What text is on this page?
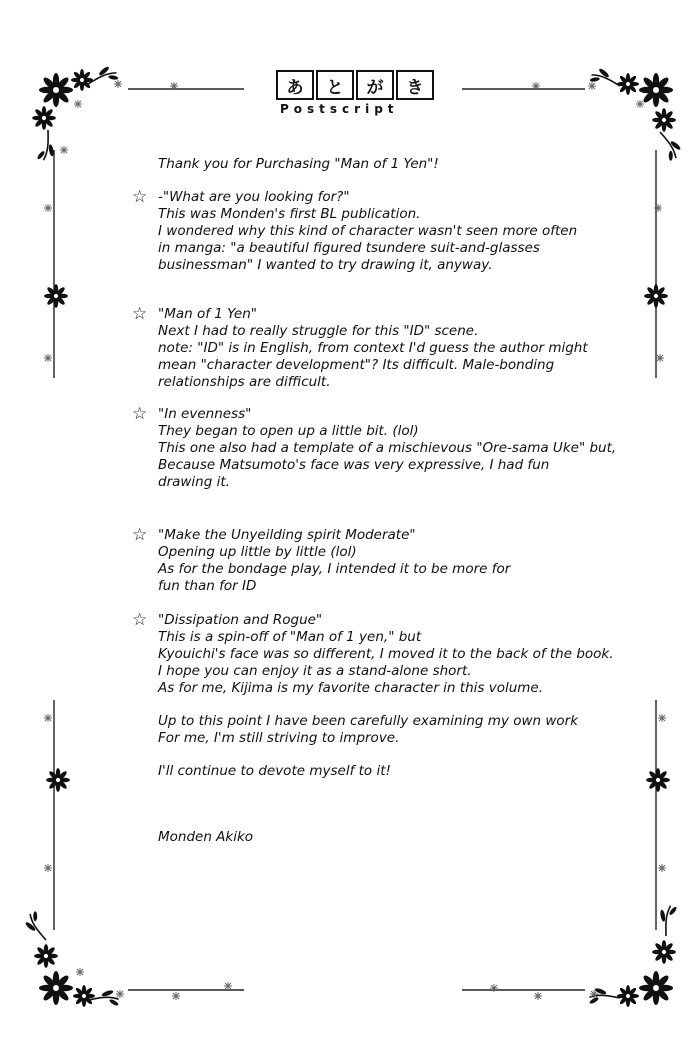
あ	と	が	き
Postscript
Thank you for Purchasing "Man of 1 Yen"!
☆ -"What are you looking for?"
This was Monden's first BL publication.
I wondered why this kind of character wasn't seen more often
in manga: "a beautiful figured tsundere suit-and-glasses
businessman" I wanted to try drawing it, anyway.
☆ "Man of 1 Yen"
Next I had to really struggle for this "ID" scene.
note: "ID" is in English, from context I'd guess the author might
mean "character development"? Its difficult. Male-bonding
relationships are difficult.
☆ "In evenness"
They began to open up a little bit. (lol)
This one also had a template of a mischievous "Ore-sama Uke" but,
Because Matsumoto's face was very expressive, I had fun
drawing it.
☆ "Make the Unyeilding spirit Moderate"
Opening up little by little (lol)
As for the bondage play, I intended it to be more for
fun than for ID
☆ "Dissipation and Rogue"
This is a spin-off of "Man of 1 yen," but
Kyouichi's face was so different, I moved it to the back of the book.
I hope you can enjoy it as a stand-alone short.
As for me, Kijima is my favorite character in this volume.
Up to this point I have been carefully examining my own work
For me, I'm still striving to improve.
I'll continue to devote myself to it!
Monden Akiko
